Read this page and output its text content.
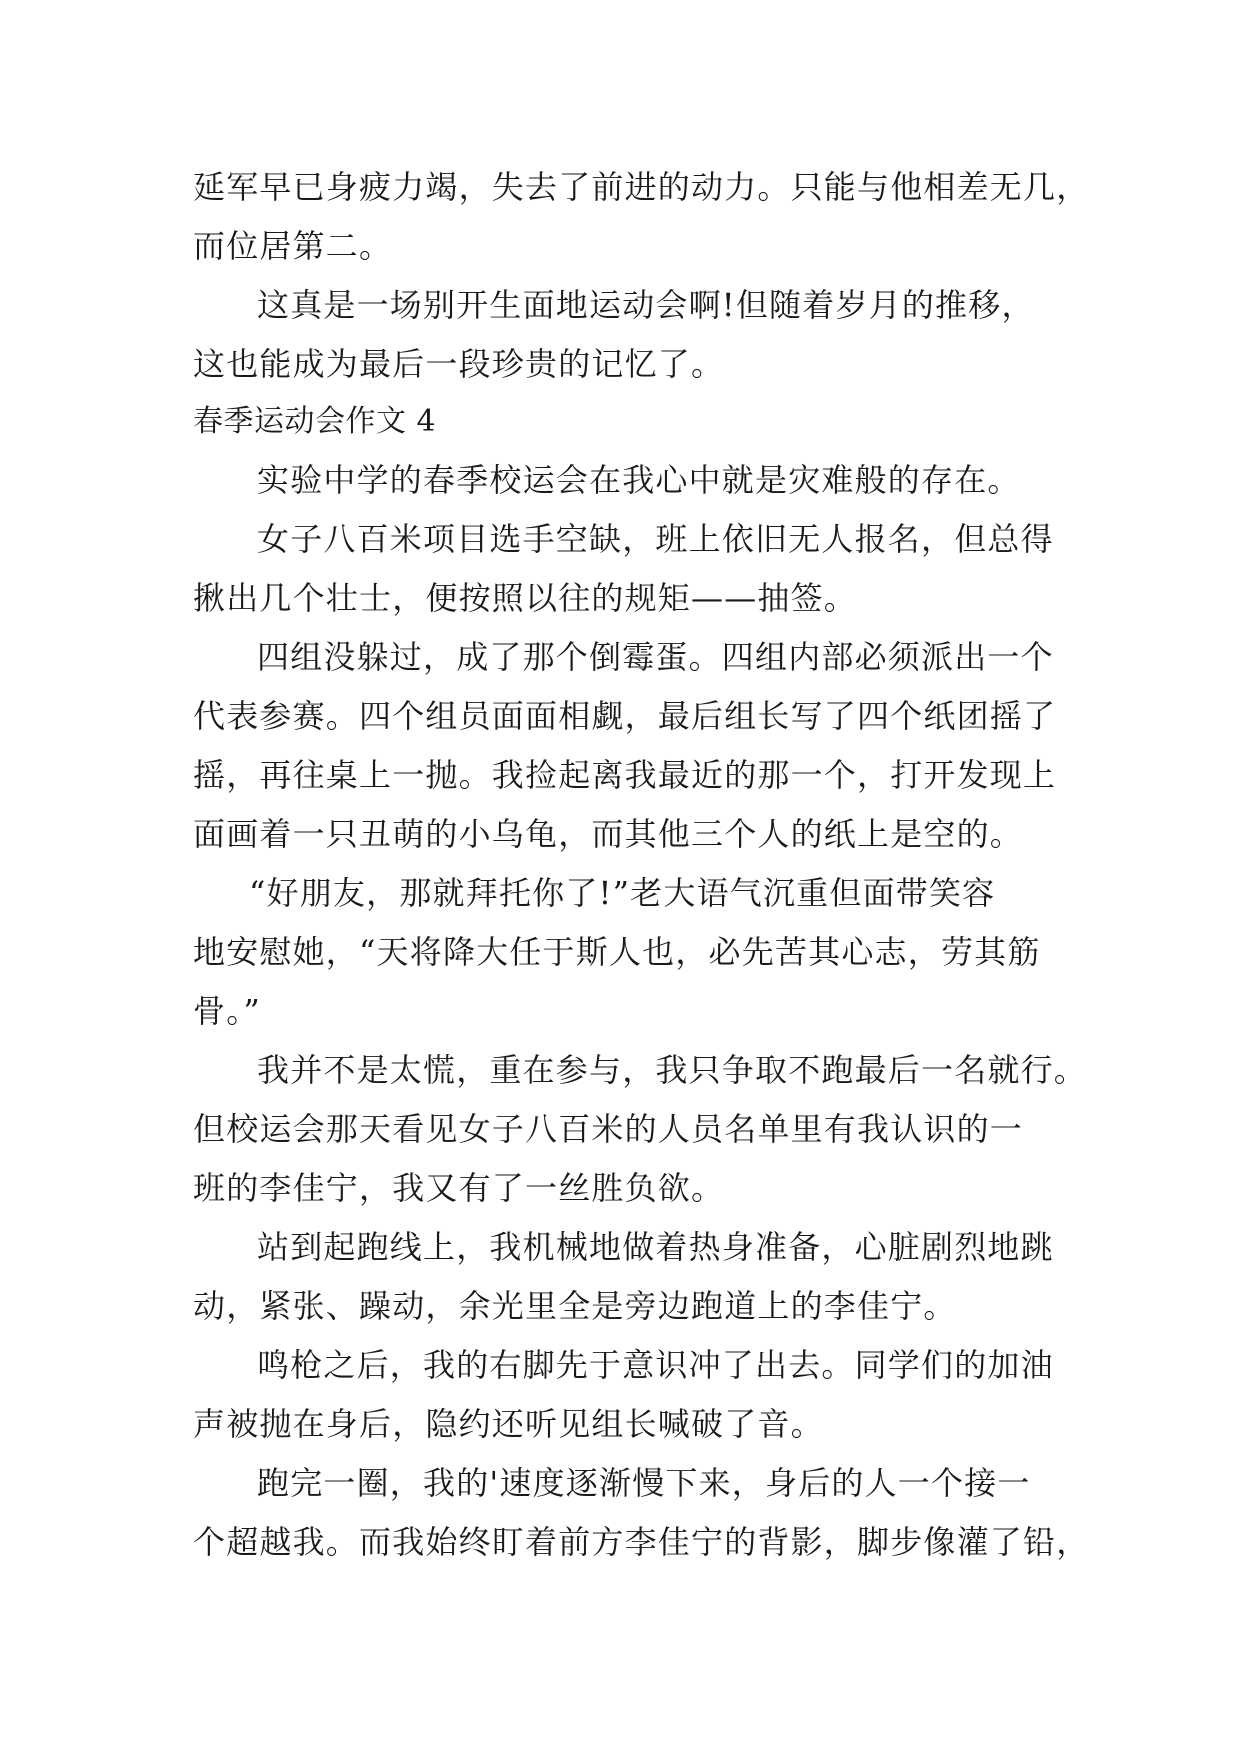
延军早已身疲力竭，失去了前进的动力。只能与他相差无几，
而位居第二。
这真是一场别开生面地运动会啊!但随着岁月的推移，
这也能成为最后一段珍贵的记忆了。
春季运动会作文 4
实验中学的春季校运会在我心中就是灾难般的存在。
女子八百米项目选手空缺，班上依旧无人报名，但总得
揪出几个壮士，便按照以往的规矩——抽签。
四组没躲过，成了那个倒霉蛋。四组内部必须派出一个
代表参赛。四个组员面面相觑，最后组长写了四个纸团摇了
摇，再往桌上一抛。我捡起离我最近的那一个，打开发现上
面画着一只丑萌的小乌龟，而其他三个人的纸上是空的。
“好朋友，那就拜托你了!”老大语气沉重但面带笑容
地安慰她，“天将降大任于斯人也，必先苦其心志，劳其筋
骨。”
我并不是太慌，重在参与，我只争取不跑最后一名就行。
但校运会那天看见女子八百米的人员名单里有我认识的一
班的李佳宁，我又有了一丝胜负欲。
站到起跑线上，我机械地做着热身准备，心脏剧烈地跳
动，紧张、躁动，余光里全是旁边跑道上的李佳宁。
鸣枪之后，我的右脚先于意识冲了出去。同学们的加油
声被抛在身后，隐约还听见组长喊破了音。
跑完一圈，我的'速度逐渐慢下来，身后的人一个接一
个超越我。而我始终盯着前方李佳宁的背影，脚步像灌了铅，
